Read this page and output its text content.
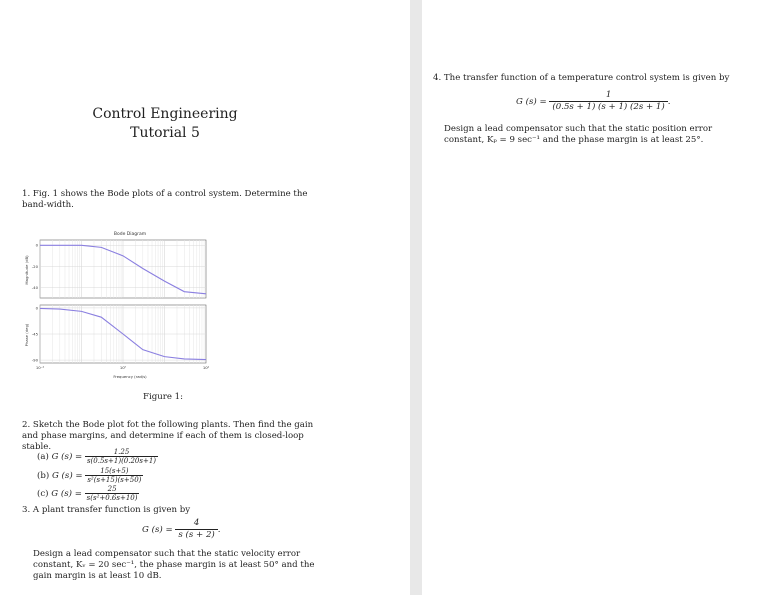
Control Engineering
Tutorial 5
1. Fig. 1 shows the Bode plots of a control system. Determine the band-width.
Bode Diagram
Magnitude (dB)
Phase (deg)
Frequency (rad/s)
0
-20
-40
0
-45
-90
10⁻²	10⁰	10²
Figure 1:
2. Sketch the Bode plot fot the following plants. Then find the gain and phase margins, and determine if each of them is closed-loop stable.
(a) G $(s) = \frac{1.25}{s(0.5s+1)(0.20s+1)}$
(b) G $(s) = \frac{15(s+5)}{\text{s²(s+15)(s+50)}}$
(c) G $(s) = \frac{25}{\text{s(s²+0.6s+10)}}$
3. A plant transfer function is given by
G $(s) = \frac{4}{s (s + 2)}$ .
Design a lead compensator such that the static velocity error constant, Kᵥ = 20 sec⁻¹, the phase margin is at least 50° and the gain margin is at least 10 dB.
4. The transfer function of a temperature control system is given by
G $(s) = \frac{1}{(0.5s + 1) (s + 1) (2s + 1)}$ .
Design a lead compensator such that the static position error constant, Kₚ = 9 sec⁻¹ and the phase margin is at least 25°.
